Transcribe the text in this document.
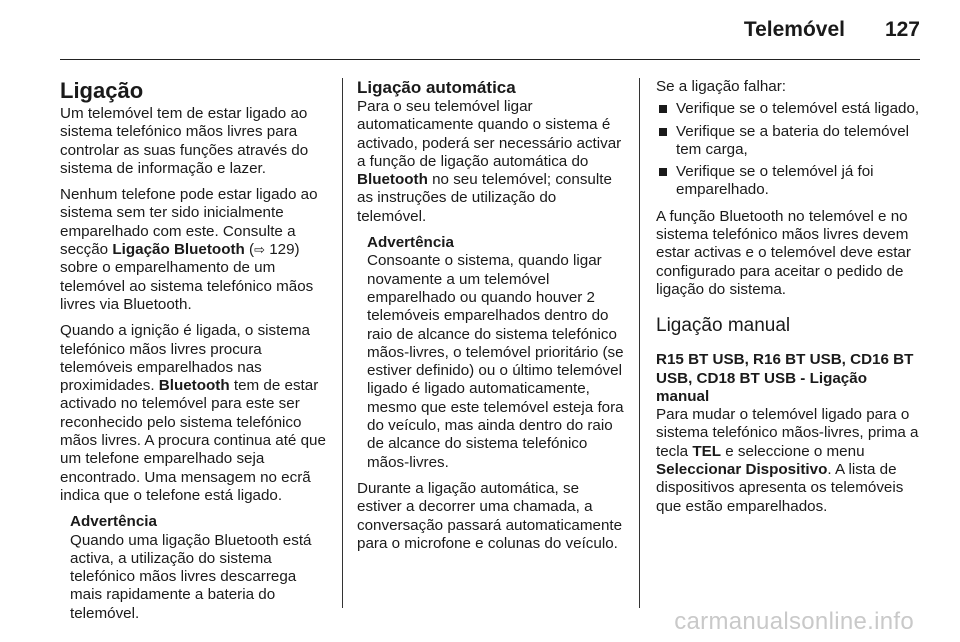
Telemóvel 127
Ligação

Um telemóvel tem de estar ligado ao sistema telefónico mãos livres para controlar as suas funções através do sistema de informação e lazer.

Nenhum telefone pode estar ligado ao sistema sem ter sido inicialmente emparelhado com este. Consulte a secção Ligação Bluetooth (⇨ 129) sobre o emparelhamento de um telemóvel ao sistema telefónico mãos livres via Bluetooth.

Quando a ignição é ligada, o sistema telefónico mãos livres procura telemóveis emparelhados nas proximidades. Bluetooth tem de estar activado no telemóvel para este ser reconhecido pelo sistema telefónico mãos livres. A procura continua até que um telefone emparelhado seja encontrado. Uma mensagem no ecrã indica que o telefone está ligado.

Advertência
Quando uma ligação Bluetooth está activa, a utilização do sistema telefónico mãos livres descarrega mais rapidamente a bateria do telemóvel.
Ligação automática

Para o seu telemóvel ligar automaticamente quando o sistema é activado, poderá ser necessário activar a função de ligação automática do Bluetooth no seu telemóvel; consulte as instruções de utilização do telemóvel.

Advertência
Consoante o sistema, quando ligar novamente a um telemóvel emparelhado ou quando houver 2 telemóveis emparelhados dentro do raio de alcance do sistema telefónico mãos-livres, o telemóvel prioritário (se estiver definido) ou o último telemóvel ligado é ligado automaticamente, mesmo que este telemóvel esteja fora do veículo, mas ainda dentro do raio de alcance do sistema telefónico mãos-livres.

Durante a ligação automática, se estiver a decorrer uma chamada, a conversação passará automaticamente para o microfone e colunas do veículo.

Se a ligação falhar:

Verifique se o telemóvel está ligado,
Verifique se a bateria do telemóvel tem carga,
Verifique se o telemóvel já foi emparelhado.

A função Bluetooth no telemóvel e no sistema telefónico mãos livres devem estar activas e o telemóvel deve estar configurado para aceitar o pedido de ligação do sistema.

Ligação manual
R15 BT USB, R16 BT USB, CD16 BT USB, CD18 BT USB - Ligação manual

Para mudar o telemóvel ligado para o sistema telefónico mãos-livres, prima a tecla TEL e seleccione o menu Seleccionar Dispositivo. A lista de dispositivos apresenta os telemóveis que estão emparelhados.

carmanualsonline.info
